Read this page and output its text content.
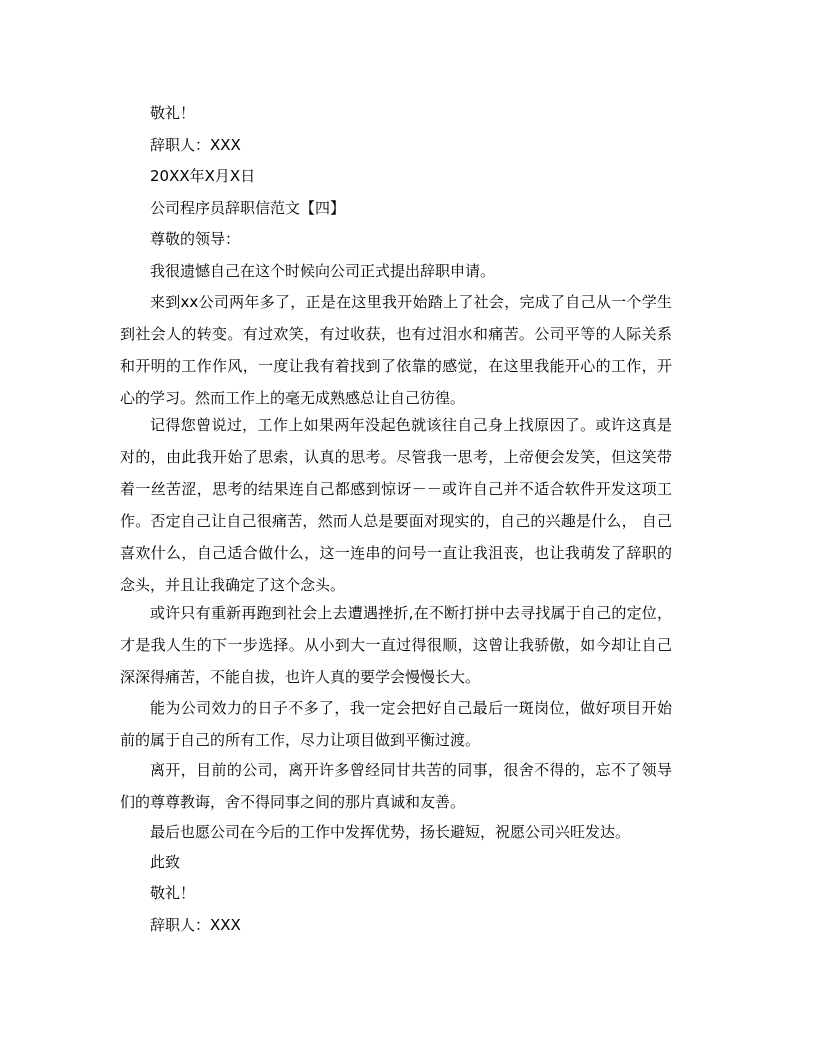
敬礼！
辞职人：XXX
20XX年X月X日
公司程序员辞职信范文【四】
尊敬的领导：
我很遗憾自己在这个时候向公司正式提出辞职申请。
来到xx公司两年多了，正是在这里我开始踏上了社会，完成了自己从一个学生到社会人的转变。有过欢笑，有过收获，也有过泪水和痛苦。公司平等的人际关系和开明的工作作风，一度让我有着找到了依靠的感觉，在这里我能开心的工作，开心的学习。然而工作上的毫无成熟感总让自己彷徨。
记得您曾说过，工作上如果两年没起色就该往自己身上找原因了。或许这真是对的，由此我开始了思索，认真的思考。尽管我一思考，上帝便会发笑，但这笑带着一丝苦涩，思考的结果连自己都感到惊讶－－或许自己并不适合软件开发这项工作。否定自己让自己很痛苦，然而人总是要面对现实的，自己的兴趣是什么， 自己喜欢什么，自己适合做什么，这一连串的问号一直让我沮丧，也让我萌发了辞职的念头，并且让我确定了这个念头。
或许只有重新再跑到社会上去遭遇挫折,在不断打拼中去寻找属于自己的定位，才是我人生的下一步选择。从小到大一直过得很顺，这曾让我骄傲，如今却让自己深深得痛苦，不能自拔，也许人真的要学会慢慢长大。
能为公司效力的日子不多了，我一定会把好自己最后一斑岗位，做好项目开始前的属于自己的所有工作，尽力让项目做到平衡过渡。
离开，目前的公司，离开许多曾经同甘共苦的同事，很舍不得的，忘不了领导们的尊尊教诲，舍不得同事之间的那片真诚和友善。
最后也愿公司在今后的工作中发挥优势，扬长避短，祝愿公司兴旺发达。
此致
敬礼！
辞职人：XXX
